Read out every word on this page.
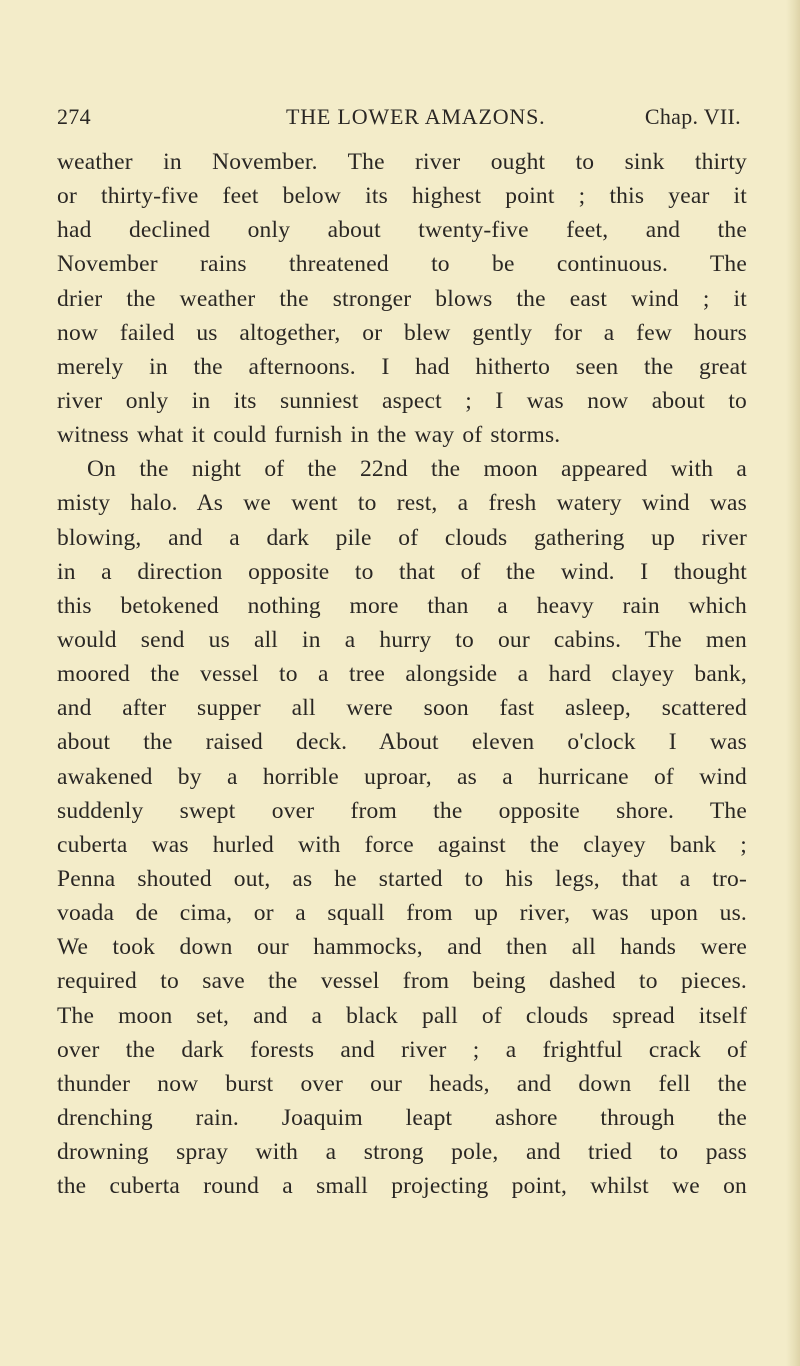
274	THE LOWER AMAZONS.	Chap. VII.
weather in November. The river ought to sink thirty
or thirty-five feet below its highest point ; this year it
had declined only about twenty-five feet, and the
November rains threatened to be continuous. The
drier the weather the stronger blows the east wind ; it
now failed us altogether, or blew gently for a few hours
merely in the afternoons. I had hitherto seen the great
river only in its sunniest aspect ; I was now about to
witness what it could furnish in the way of storms.
On the night of the 22nd the moon appeared with a
misty halo. As we went to rest, a fresh watery wind was
blowing, and a dark pile of clouds gathering up river
in a direction opposite to that of the wind. I thought
this betokened nothing more than a heavy rain which
would send us all in a hurry to our cabins. The men
moored the vessel to a tree alongside a hard clayey bank,
and after supper all were soon fast asleep, scattered
about the raised deck. About eleven o'clock I was
awakened by a horrible uproar, as a hurricane of wind
suddenly swept over from the opposite shore. The
cuberta was hurled with force against the clayey bank ;
Penna shouted out, as he started to his legs, that a tro-
voada de cima, or a squall from up river, was upon us.
We took down our hammocks, and then all hands were
required to save the vessel from being dashed to pieces.
The moon set, and a black pall of clouds spread itself
over the dark forests and river ; a frightful crack of
thunder now burst over our heads, and down fell the
drenching rain. Joaquim leapt ashore through the
drowning spray with a strong pole, and tried to pass
the cuberta round a small projecting point, whilst we on
